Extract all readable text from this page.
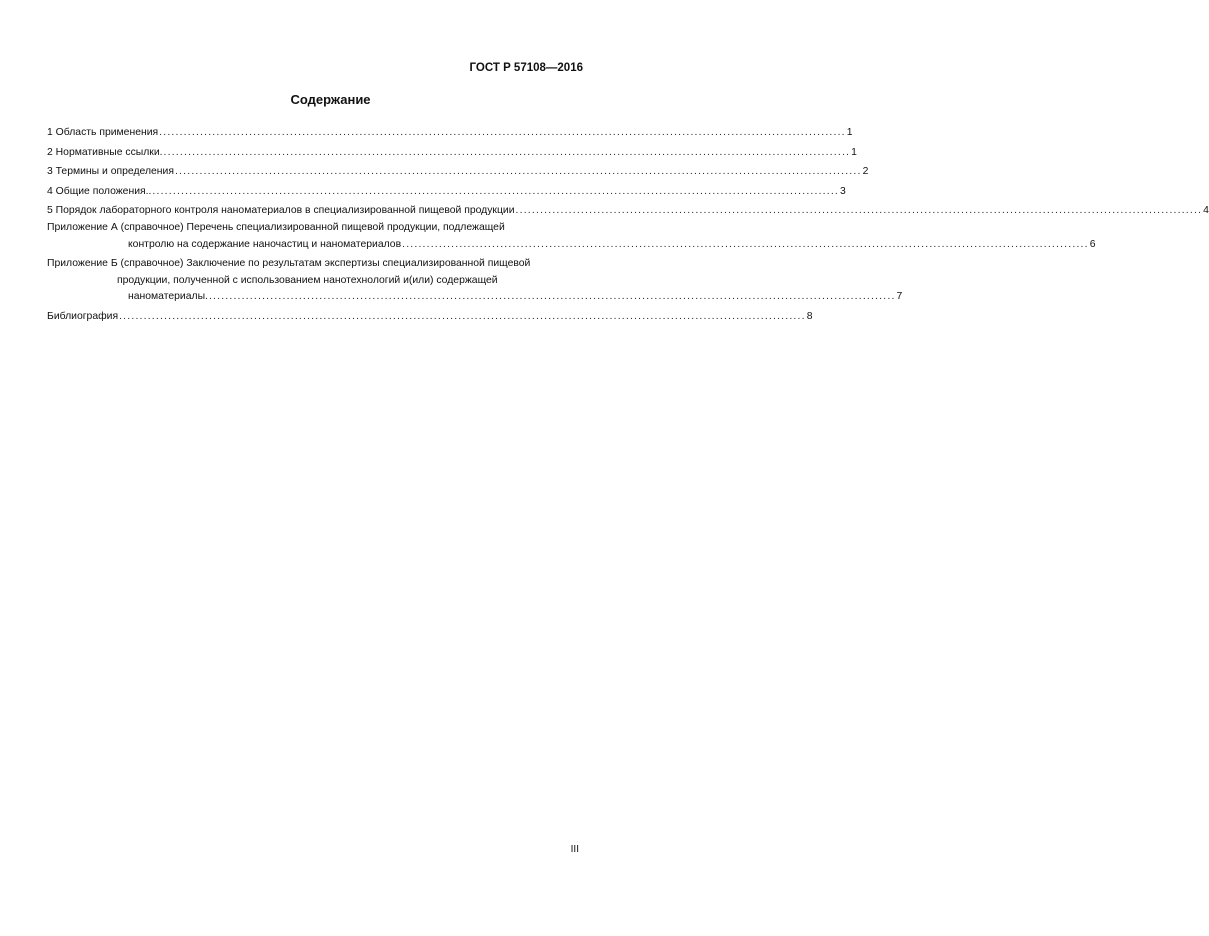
ГОСТ Р 57108—2016
Содержание
1 Область применения ........................................................................................................................................................................ 1
2 Нормативные ссылки. ........................................................................................................................................................................ 1
3 Термины и определения ........................................................................................................................................................................ 2
4 Общие положения.. ........................................................................................................................................................................ 3
5 Порядок лабораторного контроля наноматериалов в специализированной пищевой продукции ........................................................................................................................................................................ 4
Приложение А (справочное) Перечень специализированной пищевой продукции, подлежащей
контролю на содержание наночастиц и наноматериалов ........................................................................................................................................................................ 6
Приложение Б (справочное) Заключение по результатам экспертизы специализированной пищевой
продукции, полученной с использованием нанотехнологий и(или) содержащей
наноматериалы. ........................................................................................................................................................................ 7
Библиография ........................................................................................................................................................................ 8
III
